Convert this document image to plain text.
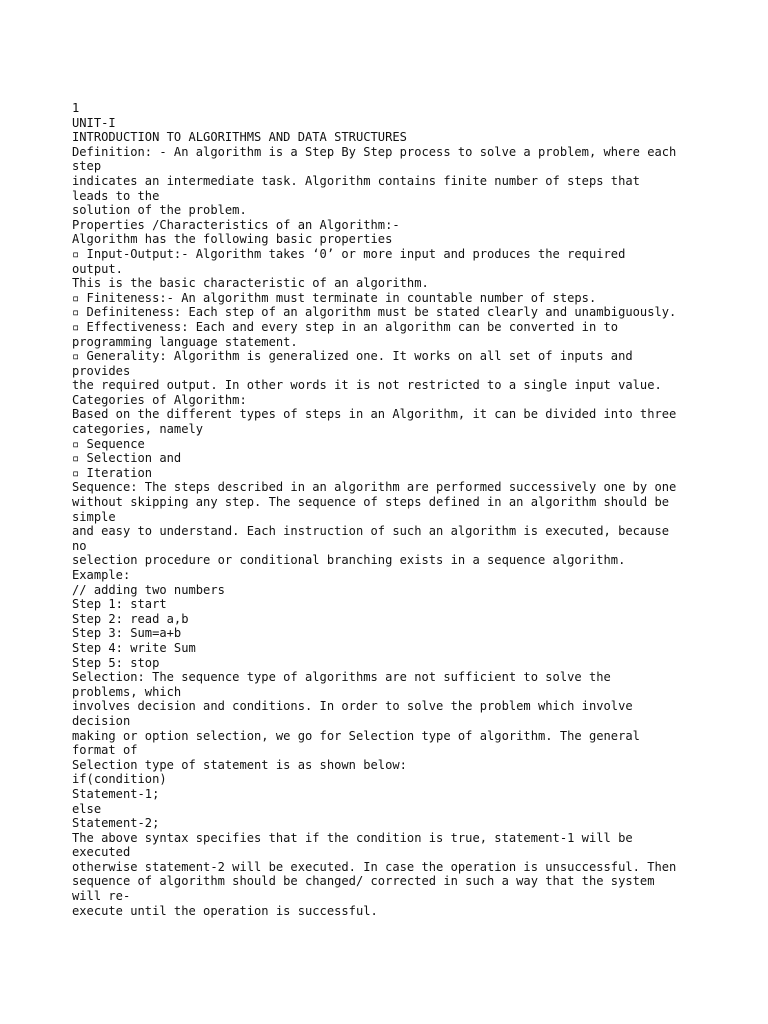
1
UNIT-I
INTRODUCTION TO ALGORITHMS AND DATA STRUCTURES
Definition: - An algorithm is a Step By Step process to solve a problem, where each
step
indicates an intermediate task. Algorithm contains finite number of steps that
leads to the
solution of the problem.
Properties /Characteristics of an Algorithm:-
Algorithm has the following basic properties
▫ Input-Output:- Algorithm takes ‘0’ or more input and produces the required
output.
This is the basic characteristic of an algorithm.
▫ Finiteness:- An algorithm must terminate in countable number of steps.
▫ Definiteness: Each step of an algorithm must be stated clearly and unambiguously.
▫ Effectiveness: Each and every step in an algorithm can be converted in to
programming language statement.
▫ Generality: Algorithm is generalized one. It works on all set of inputs and
provides
the required output. In other words it is not restricted to a single input value.
Categories of Algorithm:
Based on the different types of steps in an Algorithm, it can be divided into three
categories, namely
▫ Sequence
▫ Selection and
▫ Iteration
Sequence: The steps described in an algorithm are performed successively one by one
without skipping any step. The sequence of steps defined in an algorithm should be
simple
and easy to understand. Each instruction of such an algorithm is executed, because
no
selection procedure or conditional branching exists in a sequence algorithm.
Example:
// adding two numbers
Step 1: start
Step 2: read a,b
Step 3: Sum=a+b
Step 4: write Sum
Step 5: stop
Selection: The sequence type of algorithms are not sufficient to solve the
problems, which
involves decision and conditions. In order to solve the problem which involve
decision
making or option selection, we go for Selection type of algorithm. The general
format of
Selection type of statement is as shown below:
if(condition)
Statement-1;
else
Statement-2;
The above syntax specifies that if the condition is true, statement-1 will be
executed
otherwise statement-2 will be executed. In case the operation is unsuccessful. Then
sequence of algorithm should be changed/ corrected in such a way that the system
will re-
execute until the operation is successful.
